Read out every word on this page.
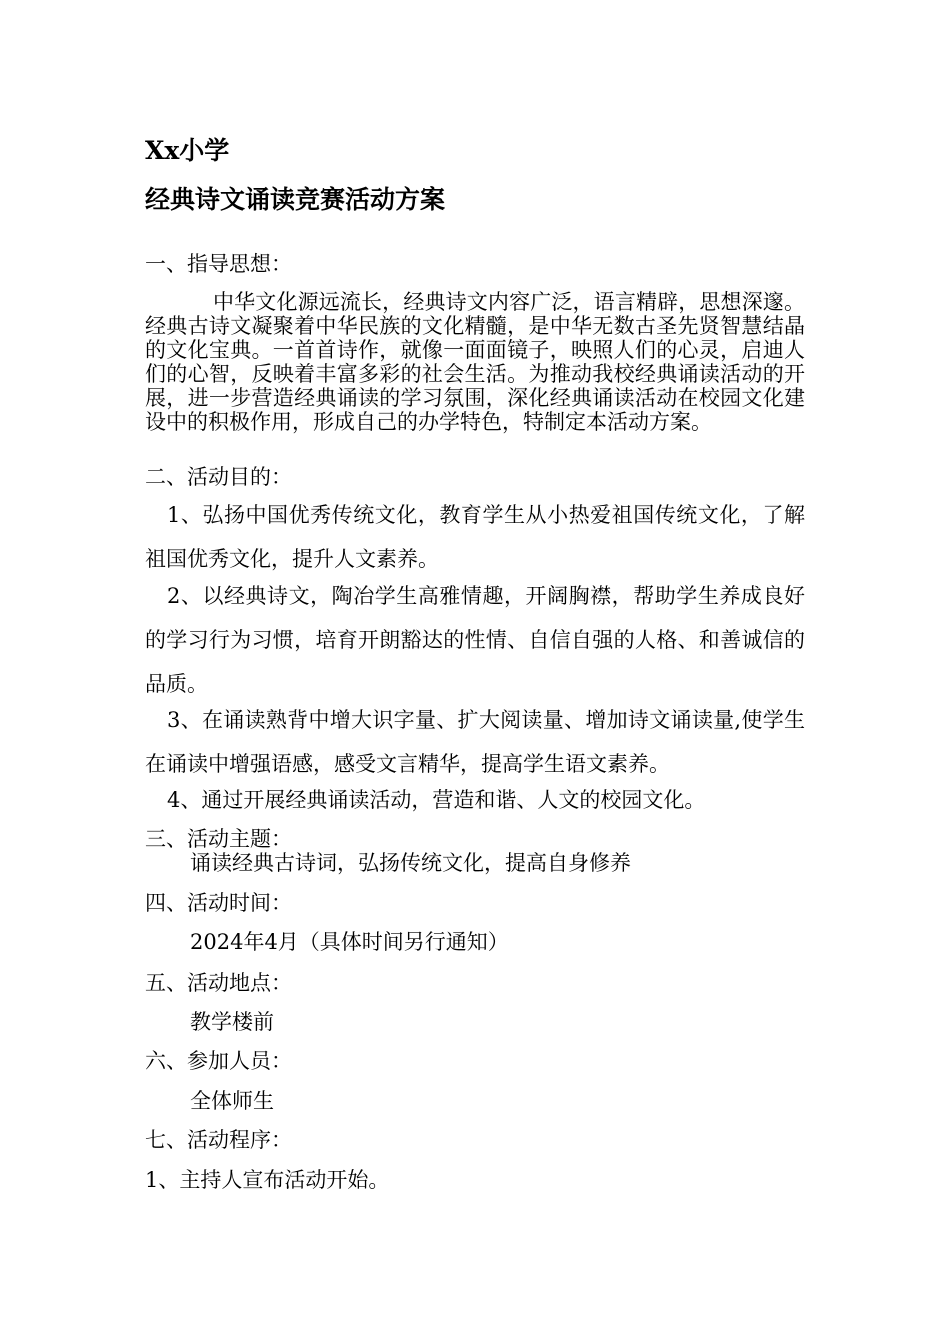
Xx小学
经典诗文诵读竞赛活动方案
一、指导思想：
中华文化源远流长，经典诗文内容广泛，语言精辟，思想深邃。经典古诗文凝聚着中华民族的文化精髓，是中华无数古圣先贤智慧结晶的文化宝典。一首首诗作，就像一面面镜子，映照人们的心灵，启迪人们的心智，反映着丰富多彩的社会生活。为推动我校经典诵读活动的开展，进一步营造经典诵读的学习氛围，深化经典诵读活动在校园文化建设中的积极作用，形成自己的办学特色，特制定本活动方案。
二、活动目的：
1、弘扬中国优秀传统文化，教育学生从小热爱祖国传统文化，了解祖国优秀文化，提升人文素养。
2、以经典诗文，陶冶学生高雅情趣，开阔胸襟，帮助学生养成良好的学习行为习惯，培育开朗豁达的性情、自信自强的人格、和善诚信的品质。
3、在诵读熟背中增大识字量、扩大阅读量、增加诗文诵读量,使学生在诵读中增强语感，感受文言精华，提高学生语文素养。
4、通过开展经典诵读活动，营造和谐、人文的校园文化。
三、活动主题：
诵读经典古诗词，弘扬传统文化，提高自身修养
四、活动时间：
2024年4月（具体时间另行通知）
五、活动地点：
教学楼前
六、参加人员：
全体师生
七、活动程序：
1、主持人宣布活动开始。
